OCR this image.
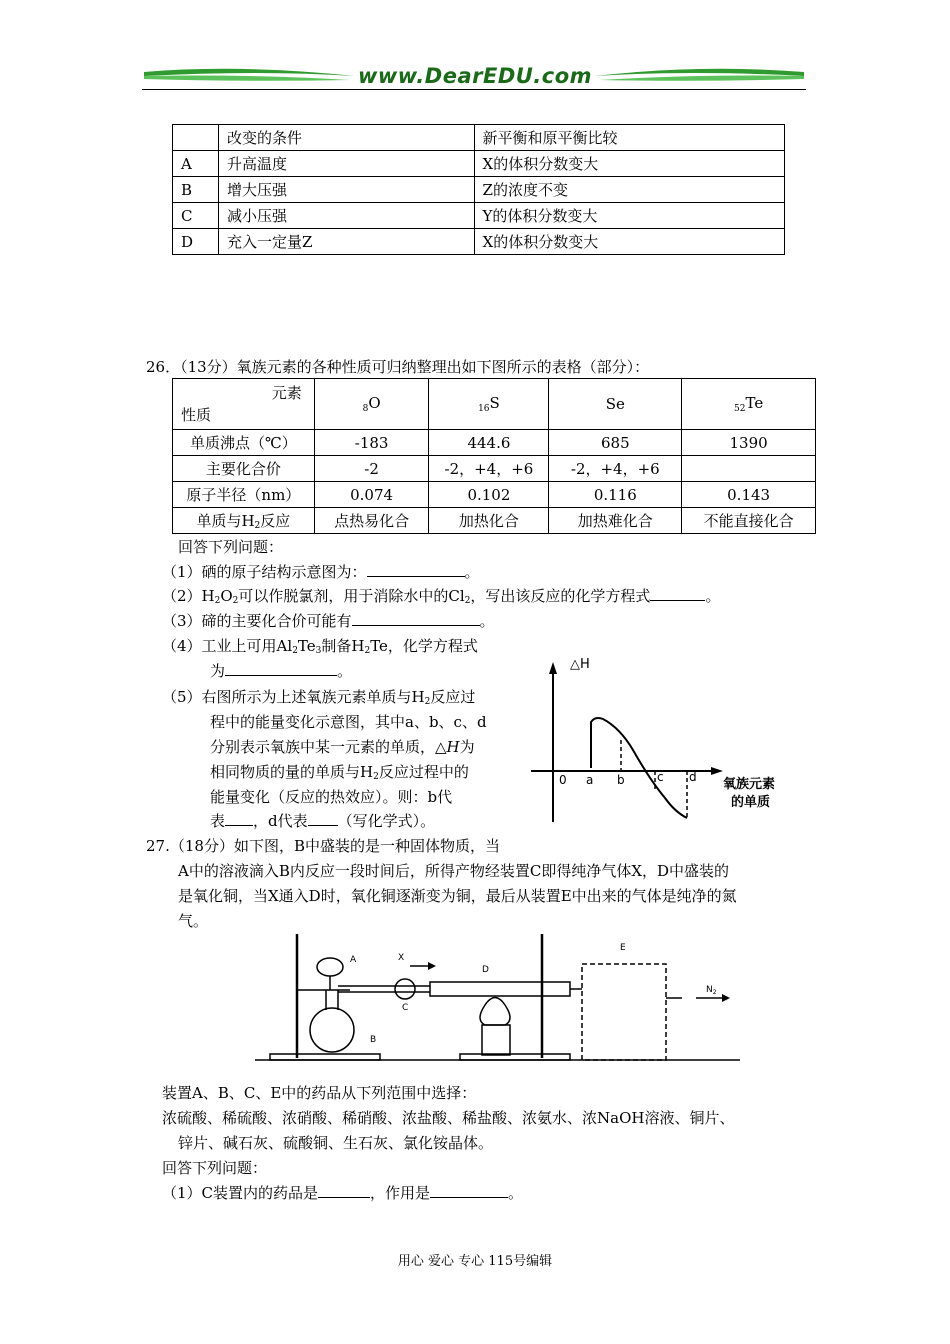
www.DearEDU.com
	改变的条件	新平衡和原平衡比较
A	升高温度	X的体积分数变大
B	增大压强	Z的浓度不变
C	减小压强	Y的体积分数变大
D	充入一定量Z	X的体积分数变大
26．（13分）氧族元素的各种性质可归纳整理出如下图所示的表格（部分）：
元素
性质	$_8$O	$_{16}$S	Se	$_{52}$Te
单质沸点（℃）	-183	444.6	685	1390
主要化合价	-2	-2，+4，+6	-2，+4，+6	
原子半径（nm）	0.074	0.102	0.116	0.143
单质与$H_2$反应	点热易化合	加热化合	加热难化合	不能直接化合
回答下列问题：
（1）硒的原子结构示意图为：	。
$(2)H_2O_2$可以作脱氯剂，用于消除水中的$Cl_2$，写出该反应的化学方程式	。
（3）碲的主要化合价可能有	。
（4）工业上可用$Al_2Te_3$制备$H_2Te$，化学方程式
为	。
（5）右图所示为上述氧族元素单质与$H_2$反应过
程中的能量变化示意图，其中a、b、c、d
分别表示氧族中某一元素的单质，△H为
相同物质的量的单质与$H_2$反应过程中的
能量变化（反应的热效应）。则：b代
表 ，d代表 （写化学式）。
△H
0 a b	c d 氧族元素
的单质
27.（18分）如下图，B中盛装的是一种固体物质，当
A中的溶液滴入B内反应一段时间后，所得产物经装置C即得纯净气体X，D中盛装的
是氧化铜，当X通入D时，氧化铜逐渐变为铜，最后从装置E中出来的气体是纯净的氮
气。
A
B
C
D
E
X
$N_2$
装置A、B、C、E中的药品从下列范围中选择：
浓硫酸、稀硫酸、浓硝酸、稀硝酸、浓盐酸、稀盐酸、浓氨水、浓NaOH溶液、铜片、
锌片、碱石灰、硫酸铜、生石灰、氯化铵晶体。
回答下列问题：
（1）C装置内的药品是	，作用是	。
用心 爱心 专心 115号编辑
